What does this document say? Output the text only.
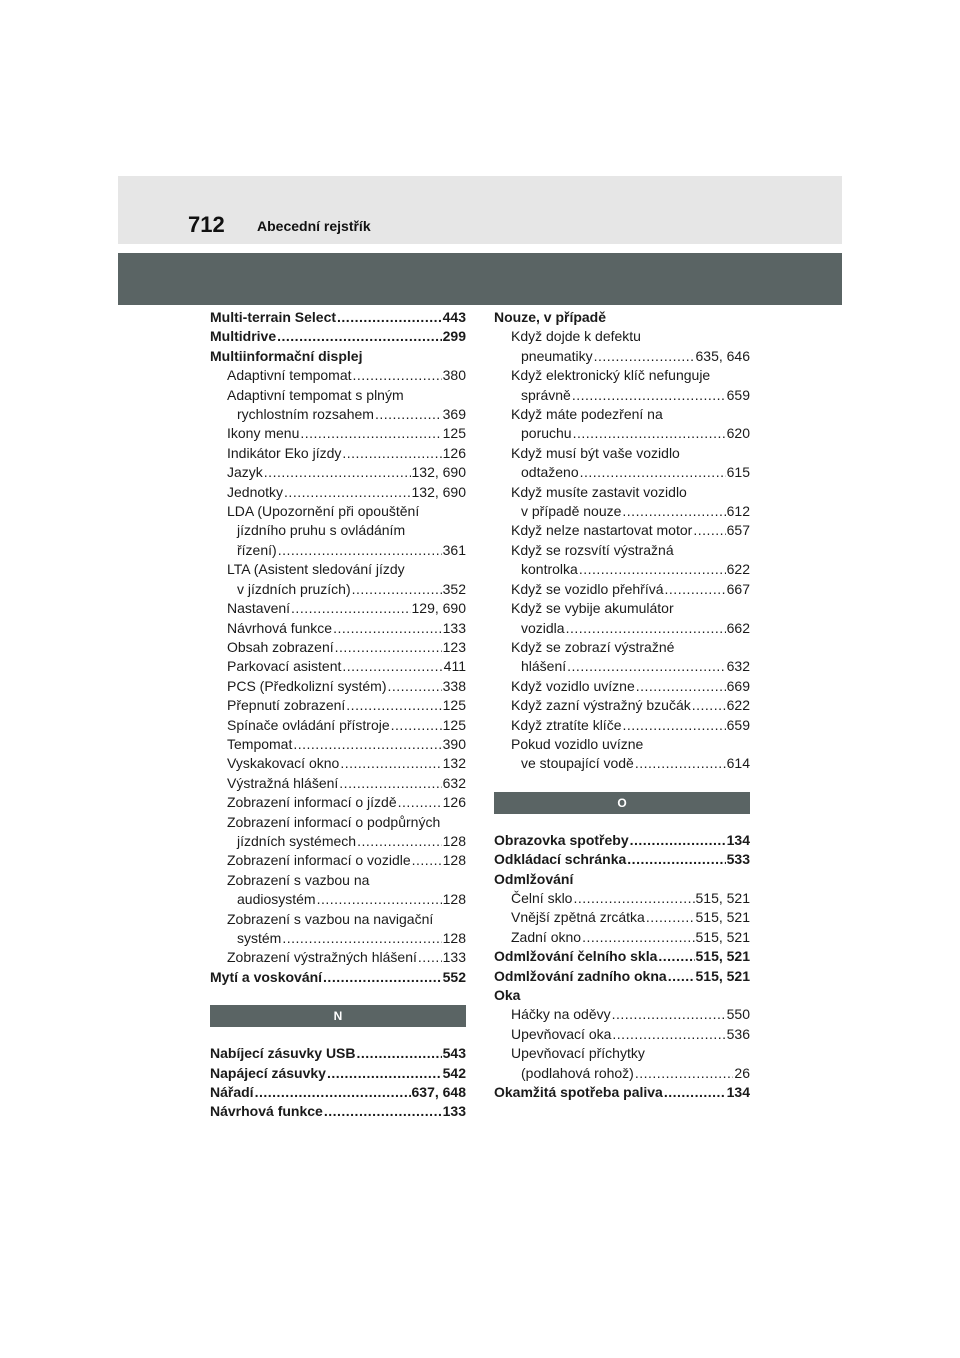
712 Abecední rejstřík
Multi-terrain Select .....	443
Multidrive .....	299
Multiinformační displej
Adaptivní tempomat .....	380
Adaptivní tempomat s plným
rychlostním rozsahem .....	369
Ikony menu .....	125
Indikátor Eko jízdy .....	126
Jazyk .....	132, 690
Jednotky .....	132, 690
LDA (Upozornění při opouštění
jízdního pruhu s ovládáním
řízení) .....	361
LTA (Asistent sledování jízdy
v jízdních pruzích) .....	352
Nastavení .....	129, 690
Návrhová funkce .....	133
Obsah zobrazení .....	123
Parkovací asistent .....	411
PCS (Předkolizní systém) .....	338
Přepnutí zobrazení .....	125
Spínače ovládání přístroje .....	125
Tempomat .....	390
Vyskakovací okno .....	132
Výstražná hlášení .....	632
Zobrazení informací o jízdě .....	126
Zobrazení informací o podpůrných
jízdních systémech .....	128
Zobrazení informací o vozidle ..... 128
Zobrazení s vazbou na
audiosystém .....	128
Zobrazení s vazbou na navigační
systém .....	128
Zobrazení výstražných hlášení ..... 133
Mytí a voskování .....	552
N
Nabíjecí zásuvky USB .....	543
Napájecí zásuvky .....	542
Nářadí .....	637, 648
Návrhová funkce .....	133
Nouze, v případě
Když dojde k defektu
pneumatiky .....	635, 646
Když elektronický klíč nefunguje
správně .....	659
Když máte podezření na
poruchu .....	620
Když musí být vaše vozidlo
odtaženo .....	615
Když musíte zastavit vozidlo
v případě nouze .....	612
Když nelze nastartovat motor ..... 657
Když se rozsvítí výstražná
kontrolka .....	622
Když se vozidlo přehřívá .....	667
Když se vybije akumulátor
vozidla .....	662
Když se zobrazí výstražné
hlášení .....	632
Když vozidlo uvízne .....	669
Když zazní výstražný bzučák .....	622
Když ztratíte klíče .....	659
Pokud vozidlo uvízne
ve stoupající vodě .....	614
O
Obrazovka spotřeby .....	134
Odkládací schránka .....	533
Odmlžování
Čelní sklo .....	515, 521
Vnější zpětná zrcátka .....	515, 521
Zadní okno .....	515, 521
Odmlžování čelního skla .....	515, 521
Odmlžování zadního okna ..... 515, 521
Oka
Háčky na oděvy .....	550
Upevňovací oka .....	536
Upevňovací příchytky
(podlahová rohož) .....	26
Okamžitá spotřeba paliva .....	134
